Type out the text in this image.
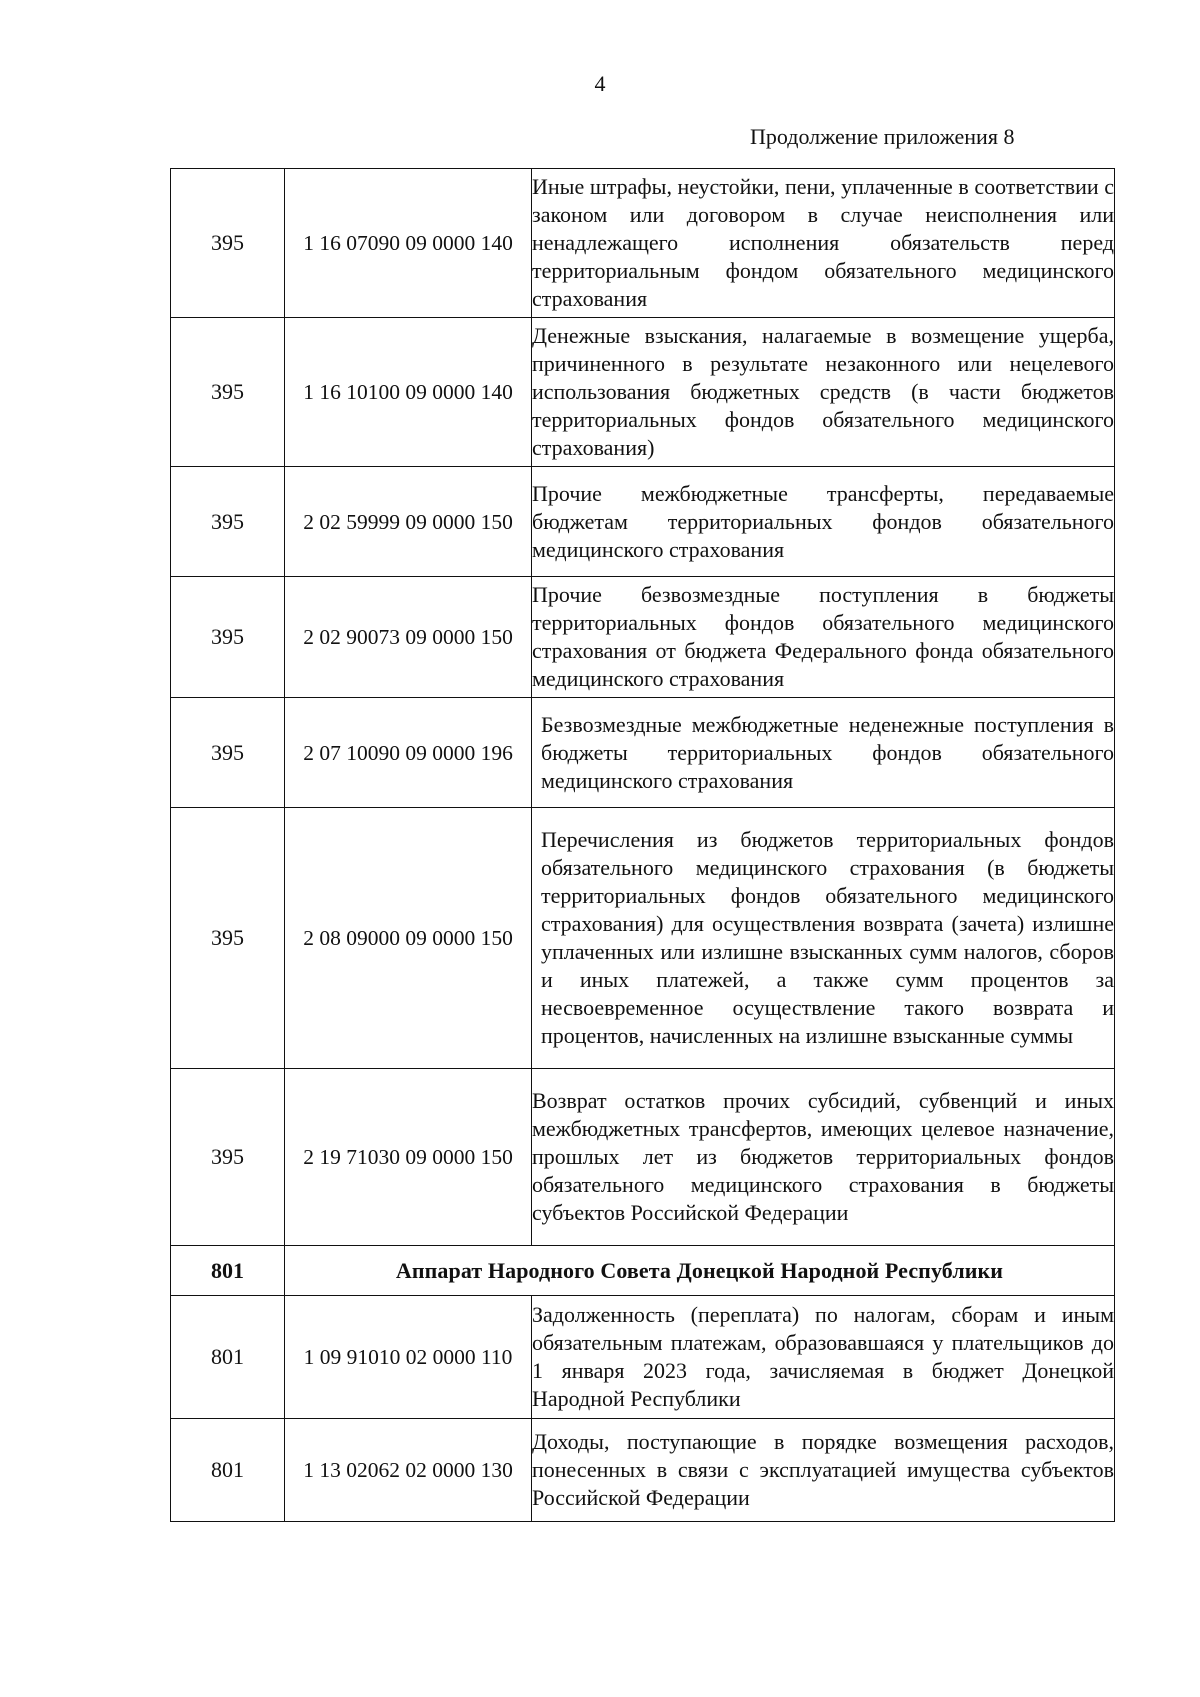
4
Продолжение приложения 8
395	1 16 07090 09 0000 140	Иные штрафы, неустойки, пени, уплаченные в соответствии с законом или договором в случае неисполнения или ненадлежащего исполнения обязательств перед территориальным фондом обязательного медицинского страхования
395	1 16 10100 09 0000 140	Денежные взыскания, налагаемые в возмещение ущерба, причиненного в результате незаконного или нецелевого использования бюджетных средств (в части бюджетов территориальных фондов обязательного медицинского страхования)
395	2 02 59999 09 0000 150	Прочие межбюджетные трансферты, передаваемые бюджетам территориальных фондов обязательного медицинского страхования
395	2 02 90073 09 0000 150	Прочие безвозмездные поступления в бюджеты территориальных фондов обязательного медицинского страхования от бюджета Федерального фонда обязательного медицинского страхования
395	2 07 10090 09 0000 196	Безвозмездные межбюджетные неденежные поступления в бюджеты территориальных фондов обязательного медицинского страхования
395	2 08 09000 09 0000 150	Перечисления из бюджетов территориальных фондов обязательного медицинского страхования (в бюджеты территориальных фондов обязательного медицинского страхования) для осуществления возврата (зачета) излишне уплаченных или излишне взысканных сумм налогов, сборов и иных платежей, а также сумм процентов за несвоевременное осуществление такого возврата и процентов, начисленных на излишне взысканные суммы
395	2 19 71030 09 0000 150	Возврат остатков прочих субсидий, субвенций и иных межбюджетных трансфертов, имеющих целевое назначение, прошлых лет из бюджетов территориальных фондов обязательного медицинского страхования в бюджеты субъектов Российской Федерации
801	Аппарат Народного Совета Донецкой Народной Республики	
801	1 09 91010 02 0000 110	Задолженность (переплата) по налогам, сборам и иным обязательным платежам, образовавшаяся у плательщиков до 1 января 2023 года, зачисляемая в бюджет Донецкой Народной Республики
801	1 13 02062 02 0000 130	Доходы, поступающие в порядке возмещения расходов, понесенных в связи с эксплуатацией имущества субъектов Российской Федерации
